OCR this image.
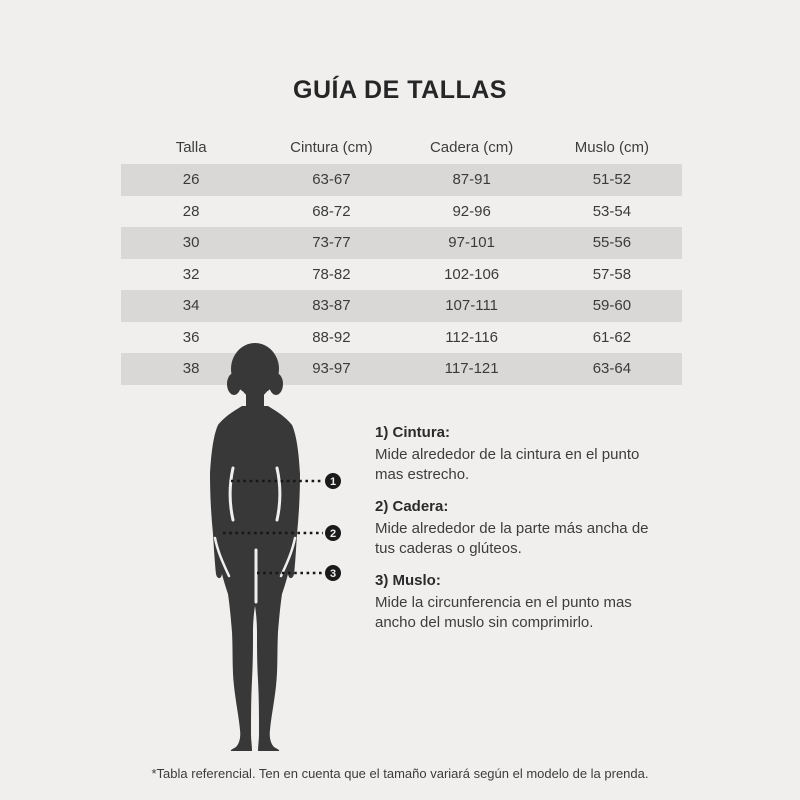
GUÍA DE TALLAS
Talla	Cintura (cm)	Cadera (cm)	Muslo (cm)
26	63-67	87-91	51-52
28	68-72	92-96	53-54
30	73-77	97-101	55-56
32	78-82	102-106	57-58
34	83-87	107-111	59-60
36	88-92	112-116	61-62
38	93-97	117-121	63-64
1
2
3
1) Cintura:

Mide alrededor de la cintura en el punto

mas estrecho.

2) Cadera:

Mide alrededor de la parte más ancha de

tus caderas o glúteos.

3) Muslo:

Mide la circunferencia en el punto mas

ancho del muslo sin comprimirlo.

*Tabla referencial. Ten en cuenta que el tamaño variará según el modelo de la prenda.
